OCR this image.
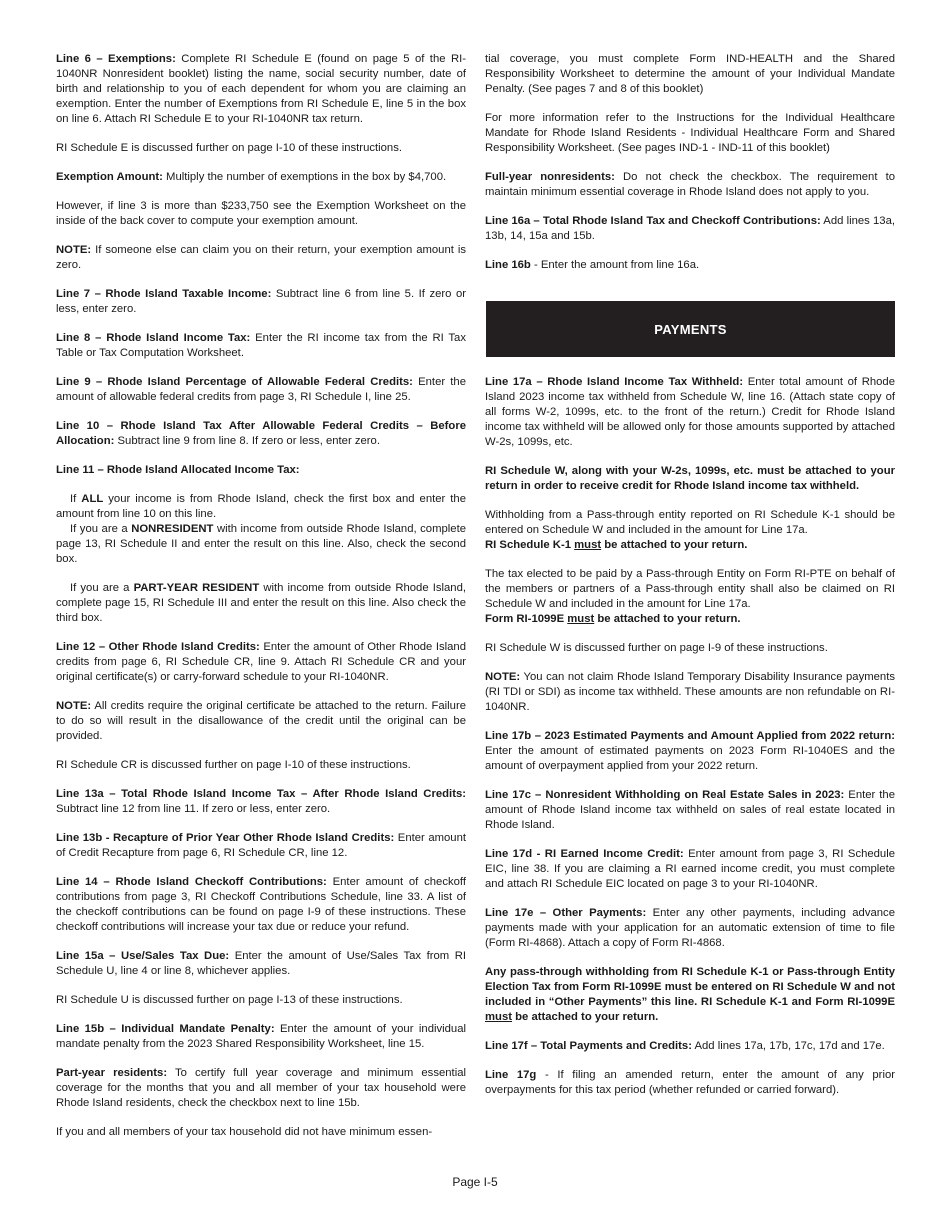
Line 6 – Exemptions: Complete RI Schedule E (found on page 5 of the RI-1040NR Nonresident booklet) listing the name, social security number, date of birth and relationship to you of each dependent for whom you are claiming an exemption. Enter the number of Exemptions from RI Schedule E, line 5 in the box on line 6. Attach RI Schedule E to your RI-1040NR tax return.

RI Schedule E is discussed further on page I-10 of these instructions.

Exemption Amount: Multiply the number of exemptions in the box by $4,700.

However, if line 3 is more than $233,750 see the Exemption Worksheet on the inside of the back cover to compute your exemption amount.

NOTE: If someone else can claim you on their return, your exemption amount is zero.

Line 7 – Rhode Island Taxable Income: Subtract line 6 from line 5. If zero or less, enter zero.

Line 8 – Rhode Island Income Tax: Enter the RI income tax from the RI Tax Table or Tax Computation Worksheet.

Line 9 – Rhode Island Percentage of Allowable Federal Credits: Enter the amount of allowable federal credits from page 3, RI Schedule I, line 25.

Line 10 – Rhode Island Tax After Allowable Federal Credits – Before Allocation: Subtract line 9 from line 8. If zero or less, enter zero.

Line 11 – Rhode Island Allocated Income Tax:

If ALL your income is from Rhode Island, check the first box and enter the amount from line 10 on this line.

If you are a NONRESIDENT with income from outside Rhode Island, complete page 13, RI Schedule II and enter the result on this line. Also, check the second box.

If you are a PART-YEAR RESIDENT with income from outside Rhode Island, complete page 15, RI Schedule III and enter the result on this line. Also check the third box.

Line 12 – Other Rhode Island Credits: Enter the amount of Other Rhode Island credits from page 6, RI Schedule CR, line 9. Attach RI Schedule CR and your original certificate(s) or carry-forward schedule to your RI-1040NR.

NOTE: All credits require the original certificate be attached to the return. Failure to do so will result in the disallowance of the credit until the original can be provided.

RI Schedule CR is discussed further on page I-10 of these instructions.

Line 13a – Total Rhode Island Income Tax – After Rhode Island Credits: Subtract line 12 from line 11. If zero or less, enter zero.

Line 13b - Recapture of Prior Year Other Rhode Island Credits: Enter amount of Credit Recapture from page 6, RI Schedule CR, line 12.

Line 14 – Rhode Island Checkoff Contributions: Enter amount of checkoff contributions from page 3, RI Checkoff Contributions Schedule, line 33. A list of the checkoff contributions can be found on page I-9 of these instructions. These checkoff contributions will increase your tax due or reduce your refund.

Line 15a – Use/Sales Tax Due: Enter the amount of Use/Sales Tax from RI Schedule U, line 4 or line 8, whichever applies.

RI Schedule U is discussed further on page I-13 of these instructions.

Line 15b – Individual Mandate Penalty: Enter the amount of your individual mandate penalty from the 2023 Shared Responsibility Worksheet, line 15.

Part-year residents: To certify full year coverage and minimum essential coverage for the months that you and all member of your tax household were Rhode Island residents, check the checkbox next to line 15b.

If you and all members of your tax household did not have minimum essen-

tial coverage, you must complete Form IND-HEALTH and the Shared Responsibility Worksheet to determine the amount of your Individual Mandate Penalty. (See pages 7 and 8 of this booklet)

For more information refer to the Instructions for the Individual Healthcare Mandate for Rhode Island Residents - Individual Healthcare Form and Shared Responsibility Worksheet. (See pages IND-1 - IND-11 of this booklet)

Full-year nonresidents: Do not check the checkbox. The requirement to maintain minimum essential coverage in Rhode Island does not apply to you.

Line 16a – Total Rhode Island Tax and Checkoff Contributions: Add lines 13a, 13b, 14, 15a and 15b.

Line 16b - Enter the amount from line 16a.

PAYMENTS

Line 17a – Rhode Island Income Tax Withheld: Enter total amount of Rhode Island 2023 income tax withheld from Schedule W, line 16. (Attach state copy of all forms W-2, 1099s, etc. to the front of the return.) Credit for Rhode Island income tax withheld will be allowed only for those amounts supported by attached W-2s, 1099s, etc.

RI Schedule W, along with your W-2s, 1099s, etc. must be attached to your return in order to receive credit for Rhode Island income tax withheld.

Withholding from a Pass-through entity reported on RI Schedule K-1 should be entered on Schedule W and included in the amount for Line 17a.
RI Schedule K-1 must be attached to your return.

The tax elected to be paid by a Pass-through Entity on Form RI-PTE on behalf of the members or partners of a Pass-through entity shall also be claimed on RI Schedule W and included in the amount for Line 17a.
Form RI-1099E must be attached to your return.

RI Schedule W is discussed further on page I-9 of these instructions.

NOTE: You can not claim Rhode Island Temporary Disability Insurance payments (RI TDI or SDI) as income tax withheld. These amounts are non refundable on RI-1040NR.

Line 17b – 2023 Estimated Payments and Amount Applied from 2022 return: Enter the amount of estimated payments on 2023 Form RI-1040ES and the amount of overpayment applied from your 2022 return.

Line 17c – Nonresident Withholding on Real Estate Sales in 2023: Enter the amount of Rhode Island income tax withheld on sales of real estate located in Rhode Island.

Line 17d - RI Earned Income Credit: Enter amount from page 3, RI Schedule EIC, line 38. If you are claiming a RI earned income credit, you must complete and attach RI Schedule EIC located on page 3 to your RI-1040NR.

Line 17e – Other Payments: Enter any other payments, including advance payments made with your application for an automatic extension of time to file (Form RI-4868). Attach a copy of Form RI-4868.

Any pass-through withholding from RI Schedule K-1 or Pass-through Entity Election Tax from Form RI-1099E must be entered on RI Schedule W and not included in “Other Payments” this line. RI Schedule K-1 and Form RI-1099E must be attached to your return.

Line 17f – Total Payments and Credits: Add lines 17a, 17b, 17c, 17d and 17e.

Line 17g - If filing an amended return, enter the amount of any prior overpayments for this tax period (whether refunded or carried forward).

Page I-5
